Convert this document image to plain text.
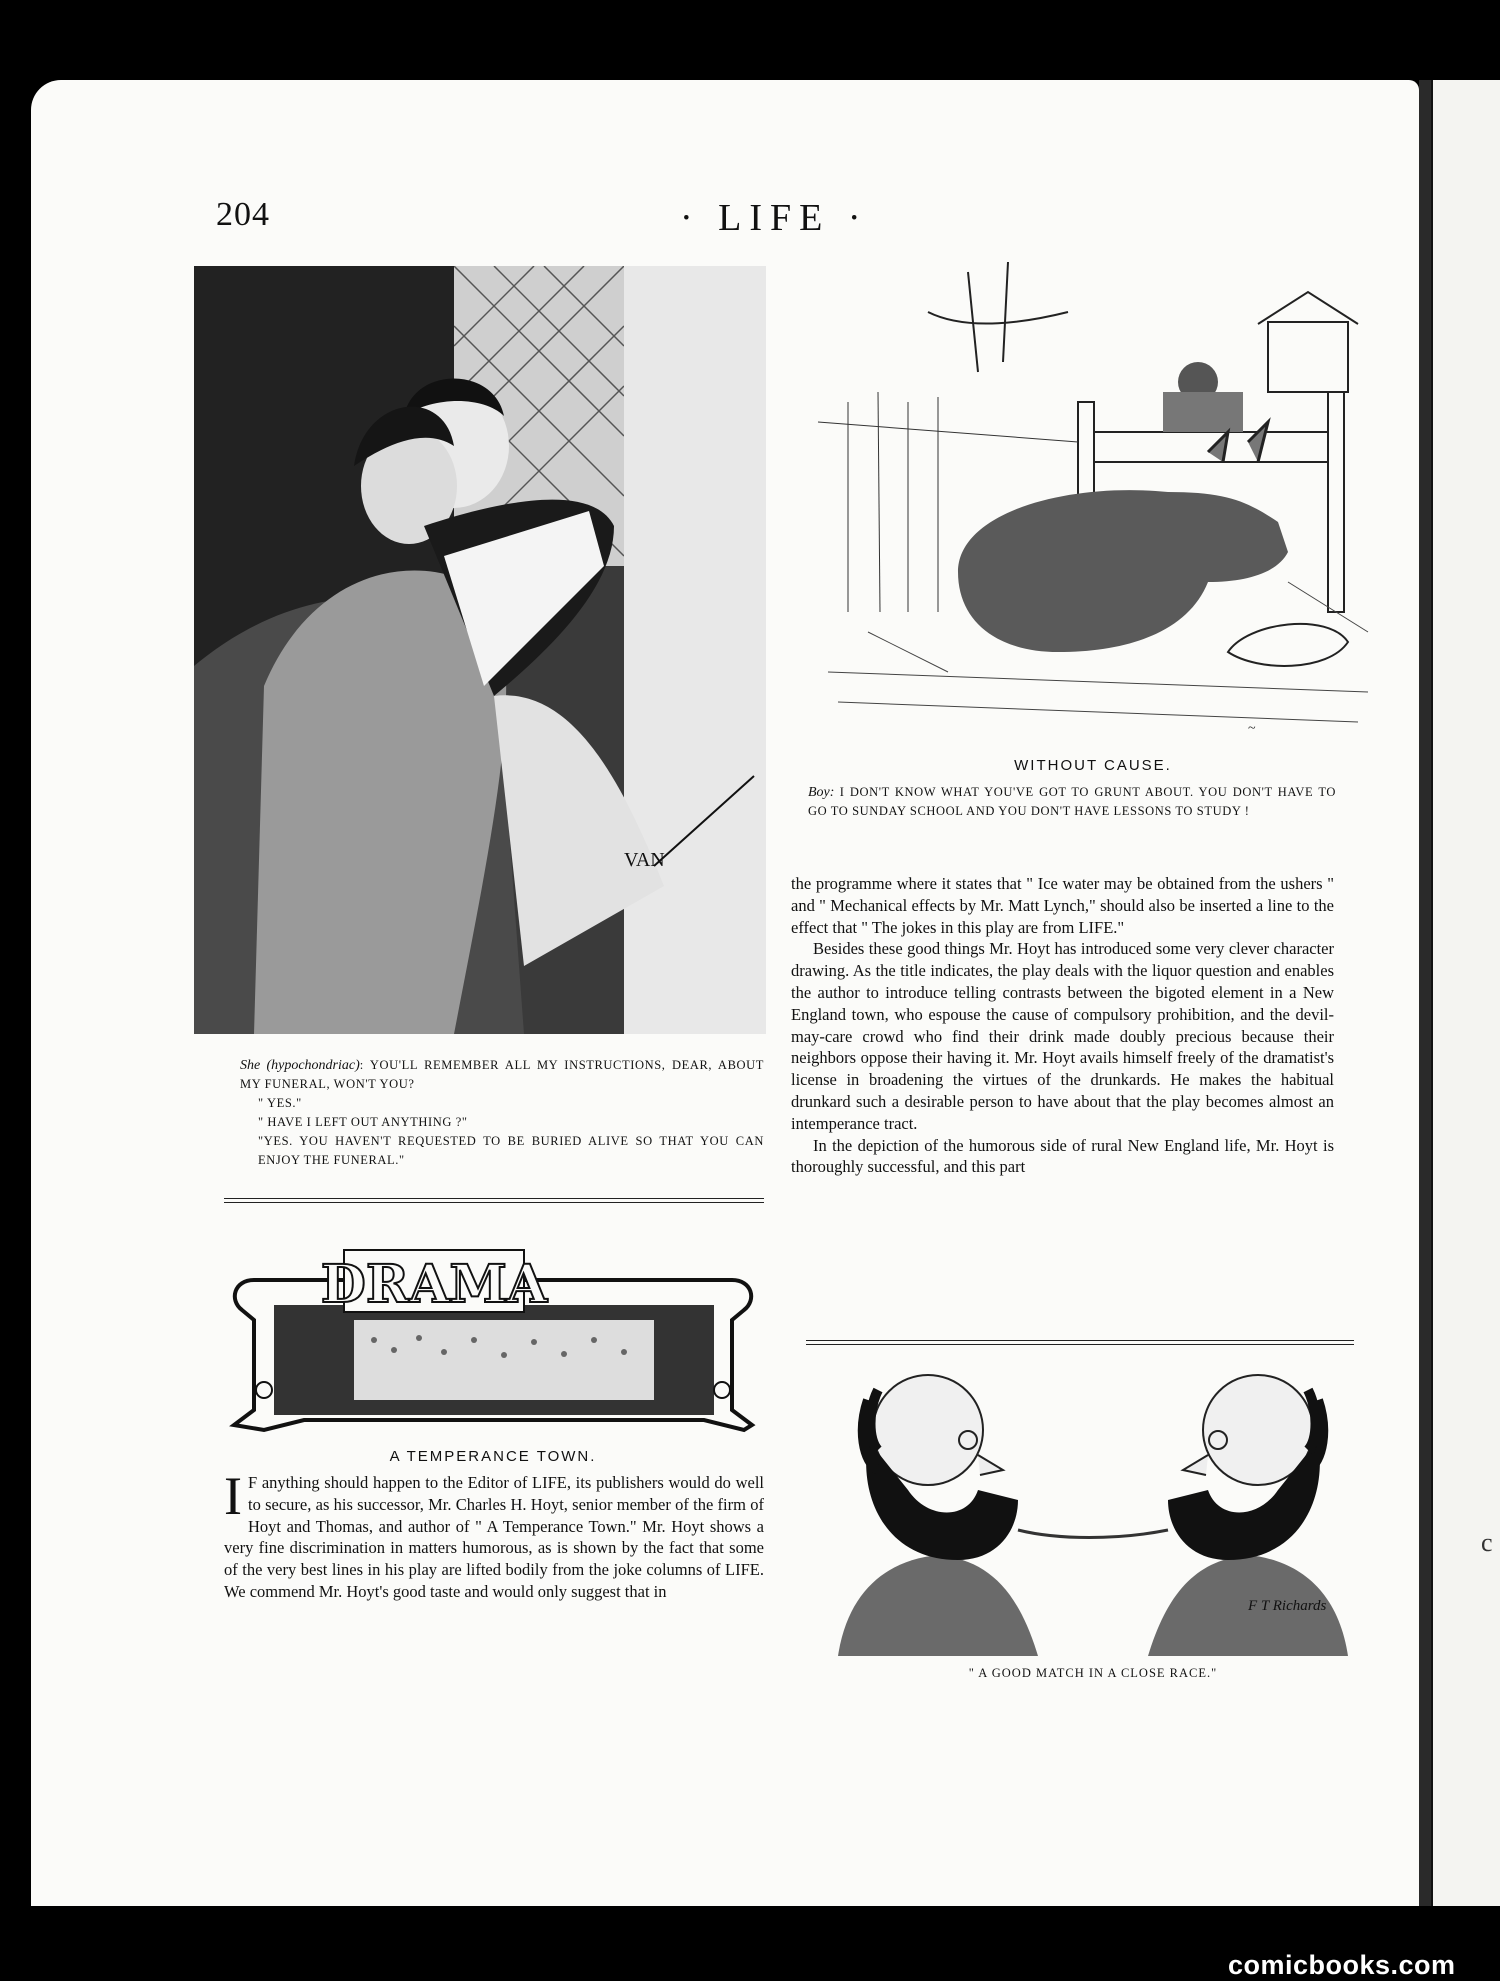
c
204	· LIFE ·
VAN

She (hypochondriac): YOU'LL REMEMBER ALL MY INSTRUCTIONS, DEAR, ABOUT MY FUNERAL, WON'T YOU?

" YES."

" HAVE I LEFT OUT ANYTHING ?"

"YES. YOU HAVEN'T REQUESTED TO BE BURIED ALIVE SO THAT YOU CAN ENJOY THE FUNERAL."

DRAMA
A TEMPERANCE TOWN.

I F anything should happen to the Editor of LIFE, its publishers would do well to secure, as his successor, Mr. Charles H. Hoyt, senior member of the firm of Hoyt and Thomas, and author of " A Temperance Town." Mr. Hoyt shows a very fine discrimination in matters humorous, as is shown by the fact that some of the very best lines in his play are lifted bodily from the joke columns of LIFE. We commend Mr. Hoyt's good taste and would only suggest that in

~
WITHOUT CAUSE.
Boy: I DON'T KNOW WHAT YOU'VE GOT TO GRUNT ABOUT. YOU DON'T HAVE TO GO TO SUNDAY SCHOOL AND YOU DON'T HAVE LESSONS TO STUDY !

the programme where it states that " Ice water may be obtained from the ushers " and " Mechanical effects by Mr. Matt Lynch," should also be inserted a line to the effect that " The jokes in this play are from LIFE."

Besides these good things Mr. Hoyt has introduced some very clever character drawing. As the title indicates, the play deals with the liquor question and enables the author to introduce telling contrasts between the bigoted element in a New England town, who espouse the cause of compulsory prohibition, and the devil-may-care crowd who find their drink made doubly precious because their neighbors oppose their having it. Mr. Hoyt avails himself freely of the dramatist's license in broadening the virtues of the drunkards. He makes the habitual drunkard such a desirable person to have about that the play becomes almost an intemperance tract.

In the depiction of the humorous side of rural New England life, Mr. Hoyt is thoroughly successful, and this part

F T Richards
" A GOOD MATCH IN A CLOSE RACE."
comicbooks.com
